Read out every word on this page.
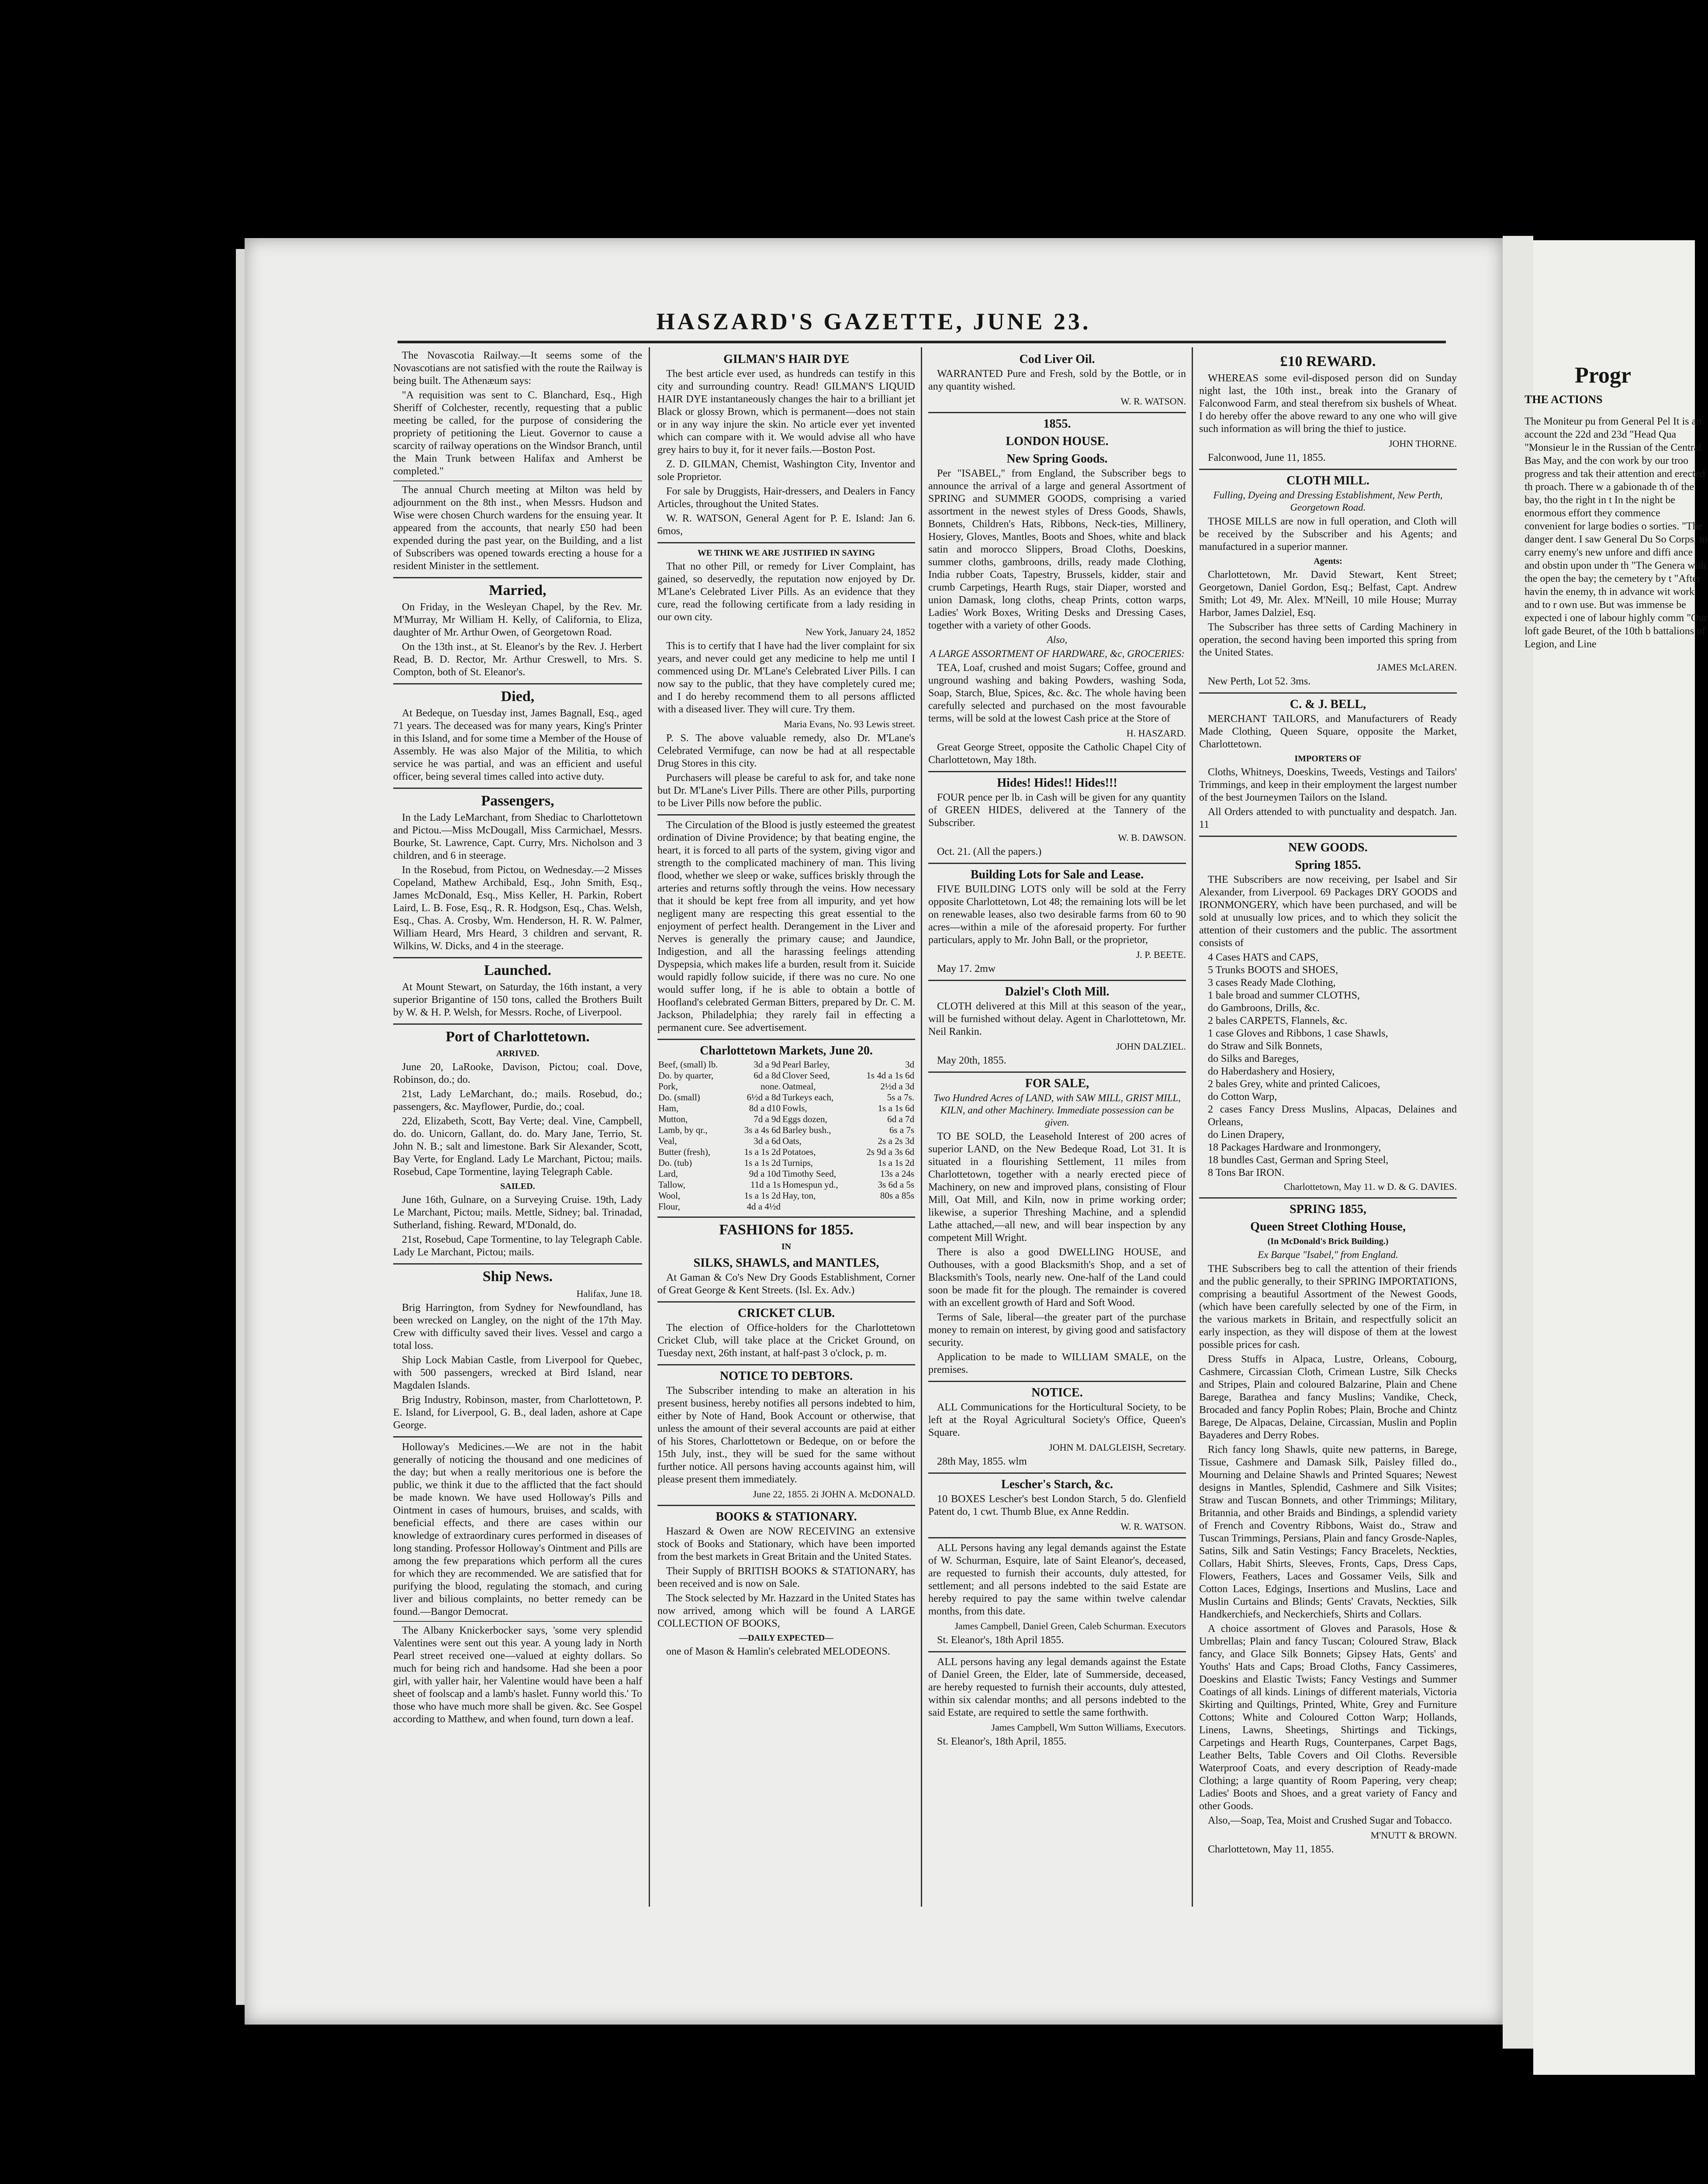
HASZARD'S GAZETTE, JUNE 23.

The Novascotia Railway.—It seems some of the Novascotians are not satisfied with the route the Railway is being built. The Athenæum says:

"A requisition was sent to C. Blanchard, Esq., High Sheriff of Colchester, recently, requesting that a public meeting be called, for the purpose of considering the propriety of petitioning the Lieut. Governor to cause a scarcity of railway operations on the Windsor Branch, until the Main Trunk between Halifax and Amherst be completed."

The annual Church meeting at Milton was held by adjournment on the 8th inst., when Messrs. Hudson and Wise were chosen Church wardens for the ensuing year. It appeared from the accounts, that nearly £50 had been expended during the past year, on the Building, and a list of Subscribers was opened towards erecting a house for a resident Minister in the settlement.

Married,

On Friday, in the Wesleyan Chapel, by the Rev. Mr. M'Murray, Mr William H. Kelly, of California, to Eliza, daughter of Mr. Arthur Owen, of Georgetown Road.

On the 13th inst., at St. Eleanor's by the Rev. J. Herbert Read, B. D. Rector, Mr. Arthur Creswell, to Mrs. S. Compton, both of St. Eleanor's.

Died,

At Bedeque, on Tuesday inst, James Bagnall, Esq., aged 71 years. The deceased was for many years, King's Printer in this Island, and for some time a Member of the House of Assembly. He was also Major of the Militia, to which service he was partial, and was an efficient and useful officer, being several times called into active duty.

Passengers,

In the Lady LeMarchant, from Shediac to Charlottetown and Pictou.—Miss McDougall, Miss Carmichael, Messrs. Bourke, St. Lawrence, Capt. Curry, Mrs. Nicholson and 3 children, and 6 in steerage.

In the Rosebud, from Pictou, on Wednesday.—2 Misses Copeland, Mathew Archibald, Esq., John Smith, Esq., James McDonald, Esq., Miss Keller, H. Parkin, Robert Laird, L. B. Fose, Esq., R. R. Hodgson, Esq., Chas. Welsh, Esq., Chas. A. Crosby, Wm. Henderson, H. R. W. Palmer, William Heard, Mrs Heard, 3 children and servant, R. Wilkins, W. Dicks, and 4 in the steerage.

Launched.

At Mount Stewart, on Saturday, the 16th instant, a very superior Brigantine of 150 tons, called the Brothers Built by W. & H. P. Welsh, for Messrs. Roche, of Liverpool.

Port of Charlottetown.
ARRIVED.

June 20, LaRooke, Davison, Pictou; coal. Dove, Robinson, do.; do.

21st, Lady LeMarchant, do.; mails. Rosebud, do.; passengers, &c. Mayflower, Purdie, do.; coal.

22d, Elizabeth, Scott, Bay Verte; deal. Vine, Campbell, do. do. Unicorn, Gallant, do. do. Mary Jane, Terrio, St. John N. B.; salt and limestone. Bark Sir Alexander, Scott, Bay Verte, for England. Lady Le Marchant, Pictou; mails. Rosebud, Cape Tormentine, laying Telegraph Cable.

SAILED.

June 16th, Gulnare, on a Surveying Cruise. 19th, Lady Le Marchant, Pictou; mails. Mettle, Sidney; bal. Trinadad, Sutherland, fishing. Reward, M'Donald, do.

21st, Rosebud, Cape Tormentine, to lay Telegraph Cable. Lady Le Marchant, Pictou; mails.

Ship News.
Halifax, June 18.

Brig Harrington, from Sydney for Newfoundland, has been wrecked on Langley, on the night of the 17th May. Crew with difficulty saved their lives. Vessel and cargo a total loss.

Ship Lock Mabian Castle, from Liverpool for Quebec, with 500 passengers, wrecked at Bird Island, near Magdalen Islands.

Brig Industry, Robinson, master, from Charlottetown, P. E. Island, for Liverpool, G. B., deal laden, ashore at Cape George.

Holloway's Medicines.—We are not in the habit generally of noticing the thousand and one medicines of the day; but when a really meritorious one is before the public, we think it due to the afflicted that the fact should be made known. We have used Holloway's Pills and Ointment in cases of humours, bruises, and scalds, with beneficial effects, and there are cases within our knowledge of extraordinary cures performed in diseases of long standing. Professor Holloway's Ointment and Pills are among the few preparations which perform all the cures for which they are recommended. We are satisfied that for purifying the blood, regulating the stomach, and curing liver and bilious complaints, no better remedy can be found.—Bangor Democrat.

The Albany Knickerbocker says, 'some very splendid Valentines were sent out this year. A young lady in North Pearl street received one—valued at eighty dollars. So much for being rich and handsome. Had she been a poor girl, with yaller hair, her Valentine would have been a half sheet of foolscap and a lamb's haslet. Funny world this.' To those who have much more shall be given. &c. See Gospel according to Matthew, and when found, turn down a leaf.

GILMAN'S HAIR DYE

The best article ever used, as hundreds can testify in this city and surrounding country. Read! GILMAN'S LIQUID HAIR DYE instantaneously changes the hair to a brilliant jet Black or glossy Brown, which is permanent—does not stain or in any way injure the skin. No article ever yet invented which can compare with it. We would advise all who have grey hairs to buy it, for it never fails.—Boston Post.

Z. D. GILMAN, Chemist, Washington City, Inventor and sole Proprietor.

For sale by Druggists, Hair-dressers, and Dealers in Fancy Articles, throughout the United States.

W. R. WATSON, General Agent for P. E. Island: Jan 6. 6mos,

WE THINK WE ARE JUSTIFIED IN SAYING

That no other Pill, or remedy for Liver Complaint, has gained, so deservedly, the reputation now enjoyed by Dr. M'Lane's Celebrated Liver Pills. As an evidence that they cure, read the following certificate from a lady residing in our own city.

New York, January 24, 1852

This is to certify that I have had the liver complaint for six years, and never could get any medicine to help me until I commenced using Dr. M'Lane's Celebrated Liver Pills. I can now say to the public, that they have completely cured me; and I do hereby recommend them to all persons afflicted with a diseased liver. They will cure. Try them.

Maria Evans, No. 93 Lewis street.

P. S. The above valuable remedy, also Dr. M'Lane's Celebrated Vermifuge, can now be had at all respectable Drug Stores in this city.

Purchasers will please be careful to ask for, and take none but Dr. M'Lane's Liver Pills. There are other Pills, purporting to be Liver Pills now before the public.

The Circulation of the Blood is justly esteemed the greatest ordination of Divine Providence; by that beating engine, the heart, it is forced to all parts of the system, giving vigor and strength to the complicated machinery of man. This living flood, whether we sleep or wake, suffices briskly through the arteries and returns softly through the veins. How necessary that it should be kept free from all impurity, and yet how negligent many are respecting this great essential to the enjoyment of perfect health. Derangement in the Liver and Nerves is generally the primary cause; and Jaundice, Indigestion, and all the harassing feelings attending Dyspepsia, which makes life a burden, result from it. Suicide would rapidly follow suicide, if there was no cure. No one would suffer long, if he is able to obtain a bottle of Hoofland's celebrated German Bitters, prepared by Dr. C. M. Jackson, Philadelphia; they rarely fail in effecting a permanent cure. See advertisement.

Charlottetown Markets, June 20.
Beef, (small) lb.	3d a 9d	Pearl Barley,	3d
Do. by quarter,	6d a 8d	Clover Seed,	1s 4d a 1s 6d
Pork,	none.	Oatmeal,	2½d a 3d
Do. (small)	6½d a 8d	Turkeys each,	5s a 7s.
Ham,	8d a d10	Fowls,	1s a 1s 6d
Mutton,	7d a 9d	Eggs dozen,	6d a 7d
Lamb, by qr.,	3s a 4s 6d	Barley bush.,	6s a 7s
Veal,	3d a 6d	Oats,	2s a 2s 3d
Butter (fresh),	1s a 1s 2d	Potatoes,	2s 9d a 3s 6d
Do. (tub)	1s a 1s 2d	Turnips,	1s a 1s 2d
Lard,	9d a 10d	Timothy Seed,	13s a 24s
Tallow,	11d a 1s	Homespun yd.,	3s 6d a 5s
Wool,	1s a 1s 2d	Hay, ton,	80s a 85s
Flour,	4d a 4½d		
FASHIONS for 1855.
IN
SILKS, SHAWLS, and MANTLES,

At Gaman & Co's New Dry Goods Establishment, Corner of Great George & Kent Streets. (Isl. Ex. Adv.)

CRICKET CLUB.

The election of Office-holders for the Charlottetown Cricket Club, will take place at the Cricket Ground, on Tuesday next, 26th instant, at half-past 3 o'clock, p. m.

NOTICE TO DEBTORS.

The Subscriber intending to make an alteration in his present business, hereby notifies all persons indebted to him, either by Note of Hand, Book Account or otherwise, that unless the amount of their several accounts are paid at either of his Stores, Charlottetown or Bedeque, on or before the 15th July, inst., they will be sued for the same without further notice. All persons having accounts against him, will please present them immediately.

June 22, 1855. 2i JOHN A. McDONALD.
BOOKS & STATIONARY.

Haszard & Owen are NOW RECEIVING an extensive stock of Books and Stationary, which have been imported from the best markets in Great Britain and the United States.

Their Supply of BRITISH BOOKS & STATIONARY, has been received and is now on Sale.

The Stock selected by Mr. Hazzard in the United States has now arrived, among which will be found A LARGE COLLECTION OF BOOKS,

—DAILY EXPECTED—

one of Mason & Hamlin's celebrated MELODEONS.

Cod Liver Oil.

WARRANTED Pure and Fresh, sold by the Bottle, or in any quantity wished.

W. R. WATSON.
1855.
LONDON HOUSE.
New Spring Goods.

Per "ISABEL," from England, the Subscriber begs to announce the arrival of a large and general Assortment of SPRING and SUMMER GOODS, comprising a varied assortment in the newest styles of Dress Goods, Shawls, Bonnets, Children's Hats, Ribbons, Neck-ties, Millinery, Hosiery, Gloves, Mantles, Boots and Shoes, white and black satin and morocco Slippers, Broad Cloths, Doeskins, summer cloths, gambroons, drills, ready made Clothing, India rubber Coats, Tapestry, Brussels, kidder, stair and crumb Carpetings, Hearth Rugs, stair Diaper, worsted and union Damask, long cloths, cheap Prints, cotton warps, Ladies' Work Boxes, Writing Desks and Dressing Cases, together with a variety of other Goods.

Also,
A LARGE ASSORTMENT OF HARDWARE, &c, GROCERIES:

TEA, Loaf, crushed and moist Sugars; Coffee, ground and unground washing and baking Powders, washing Soda, Soap, Starch, Blue, Spices, &c. &c. The whole having been carefully selected and purchased on the most favourable terms, will be sold at the lowest Cash price at the Store of

H. HASZARD.

Great George Street, opposite the Catholic Chapel City of Charlottetown, May 18th.

Hides! Hides!! Hides!!!

FOUR pence per lb. in Cash will be given for any quantity of GREEN HIDES, delivered at the Tannery of the Subscriber.

W. B. DAWSON.

Oct. 21. (All the papers.)

Building Lots for Sale and Lease.

FIVE BUILDING LOTS only will be sold at the Ferry opposite Charlottetown, Lot 48; the remaining lots will be let on renewable leases, also two desirable farms from 60 to 90 acres—within a mile of the aforesaid property. For further particulars, apply to Mr. John Ball, or the proprietor,

J. P. BEETE.

May 17. 2mw

Dalziel's Cloth Mill.

CLOTH delivered at this Mill at this season of the year,, will be furnished without delay. Agent in Charlottetown, Mr. Neil Rankin.

JOHN DALZIEL.

May 20th, 1855.

FOR SALE,
Two Hundred Acres of LAND, with SAW MILL, GRIST MILL, KILN, and other Machinery. Immediate possession can be given.

TO BE SOLD, the Leasehold Interest of 200 acres of superior LAND, on the New Bedeque Road, Lot 31. It is situated in a flourishing Settlement, 11 miles from Charlottetown, together with a nearly erected piece of Machinery, on new and improved plans, consisting of Flour Mill, Oat Mill, and Kiln, now in prime working order; likewise, a superior Threshing Machine, and a splendid Lathe attached,—all new, and will bear inspection by any competent Mill Wright.

There is also a good DWELLING HOUSE, and Outhouses, with a good Blacksmith's Shop, and a set of Blacksmith's Tools, nearly new. One-half of the Land could soon be made fit for the plough. The remainder is covered with an excellent growth of Hard and Soft Wood.

Terms of Sale, liberal—the greater part of the purchase money to remain on interest, by giving good and satisfactory security.

Application to be made to WILLIAM SMALE, on the premises.

NOTICE.

ALL Communications for the Horticultural Society, to be left at the Royal Agricultural Society's Office, Queen's Square.

JOHN M. DALGLEISH, Secretary.

28th May, 1855. wlm

Lescher's Starch, &c.

10 BOXES Lescher's best London Starch, 5 do. Glenfield Patent do, 1 cwt. Thumb Blue, ex Anne Reddin.

W. R. WATSON.

ALL Persons having any legal demands against the Estate of W. Schurman, Esquire, late of Saint Eleanor's, deceased, are requested to furnish their accounts, duly attested, for settlement; and all persons indebted to the said Estate are hereby required to pay the same within twelve calendar months, from this date.

James Campbell, Daniel Green, Caleb Schurman. Executors

St. Eleanor's, 18th April 1855.

ALL persons having any legal demands against the Estate of Daniel Green, the Elder, late of Summerside, deceased, are hereby requested to furnish their accounts, duly attested, within six calendar months; and all persons indebted to the said Estate, are required to settle the same forthwith.

James Campbell, Wm Sutton Williams, Executors.

St. Eleanor's, 18th April, 1855.

£10 REWARD.

WHEREAS some evil-disposed person did on Sunday night last, the 10th inst., break into the Granary of Falconwood Farm, and steal therefrom six bushels of Wheat. I do hereby offer the above reward to any one who will give such information as will bring the thief to justice.

JOHN THORNE.

Falconwood, June 11, 1855.

CLOTH MILL.
Fulling, Dyeing and Dressing Establishment, New Perth, Georgetown Road.

THOSE MILLS are now in full operation, and Cloth will be received by the Subscriber and his Agents; and manufactured in a superior manner.

Agents:

Charlottetown, Mr. David Stewart, Kent Street; Georgetown, Daniel Gordon, Esq.; Belfast, Capt. Andrew Smith; Lot 49, Mr. Alex. M'Neill, 10 mile House; Murray Harbor, James Dalziel, Esq.

The Subscriber has three setts of Carding Machinery in operation, the second having been imported this spring from the United States.

JAMES McLAREN.

New Perth, Lot 52. 3ms.

C. & J. BELL,

MERCHANT TAILORS, and Manufacturers of Ready Made Clothing, Queen Square, opposite the Market, Charlottetown.

IMPORTERS OF

Cloths, Whitneys, Doeskins, Tweeds, Vestings and Tailors' Trimmings, and keep in their employment the largest number of the best Journeymen Tailors on the Island.

All Orders attended to with punctuality and despatch. Jan. 11

NEW GOODS.
Spring 1855.

THE Subscribers are now receiving, per Isabel and Sir Alexander, from Liverpool. 69 Packages DRY GOODS and IRONMONGERY, which have been purchased, and will be sold at unusually low prices, and to which they solicit the attention of their customers and the public. The assortment consists of

4 Cases HATS and CAPS,
5 Trunks BOOTS and SHOES,
3 cases Ready Made Clothing,
1 bale broad and summer CLOTHS,
do Gambroons, Drills, &c.
2 bales CARPETS, Flannels, &c.
1 case Gloves and Ribbons, 1 case Shawls,
do Straw and Silk Bonnets,
do Silks and Bareges,
do Haberdashery and Hosiery,
2 bales Grey, white and printed Calicoes,
do Cotton Warp,
2 cases Fancy Dress Muslins, Alpacas, Delaines and Orleans,
do Linen Drapery,
18 Packages Hardware and Ironmongery,
18 bundles Cast, German and Spring Steel,
8 Tons Bar IRON.
Charlottetown, May 11. w D. & G. DAVIES.
SPRING 1855,
Queen Street Clothing House,
(In McDonald's Brick Building.)
Ex Barque "Isabel," from England.

THE Subscribers beg to call the attention of their friends and the public generally, to their SPRING IMPORTATIONS, comprising a beautiful Assortment of the Newest Goods, (which have been carefully selected by one of the Firm, in the various markets in Britain, and respectfully solicit an early inspection, as they will dispose of them at the lowest possible prices for cash.

Dress Stuffs in Alpaca, Lustre, Orleans, Cobourg, Cashmere, Circassian Cloth, Crimean Lustre, Silk Checks and Stripes, Plain and coloured Balzarine, Plain and Chene Barege, Barathea and fancy Muslins; Vandike, Check, Brocaded and fancy Poplin Robes; Plain, Broche and Chintz Barege, De Alpacas, Delaine, Circassian, Muslin and Poplin Bayaderes and Derry Robes.

Rich fancy long Shawls, quite new patterns, in Barege, Tissue, Cashmere and Damask Silk, Paisley filled do., Mourning and Delaine Shawls and Printed Squares; Newest designs in Mantles, Splendid, Cashmere and Silk Visites; Straw and Tuscan Bonnets, and other Trimmings; Military, Britannia, and other Braids and Bindings, a splendid variety of French and Coventry Ribbons, Waist do., Straw and Tuscan Trimmings, Persians, Plain and fancy Grosde-Naples, Satins, Silk and Satin Vestings; Fancy Bracelets, Neckties, Collars, Habit Shirts, Sleeves, Fronts, Caps, Dress Caps, Flowers, Feathers, Laces and Gossamer Veils, Silk and Cotton Laces, Edgings, Insertions and Muslins, Lace and Muslin Curtains and Blinds; Gents' Cravats, Neckties, Silk Handkerchiefs, and Neckerchiefs, Shirts and Collars.

A choice assortment of Gloves and Parasols, Hose & Umbrellas; Plain and fancy Tuscan; Coloured Straw, Black fancy, and Glace Silk Bonnets; Gipsey Hats, Gents' and Youths' Hats and Caps; Broad Cloths, Fancy Cassimeres, Doeskins and Elastic Twists; Fancy Vestings and Summer Coatings of all kinds. Linings of different materials, Victoria Skirting and Quiltings, Printed, White, Grey and Furniture Cottons; White and Coloured Cotton Warp; Hollands, Linens, Lawns, Sheetings, Shirtings and Tickings, Carpetings and Hearth Rugs, Counterpanes, Carpet Bags, Leather Belts, Table Covers and Oil Cloths. Reversible Waterproof Coats, and every description of Ready-made Clothing; a large quantity of Room Papering, very cheap; Ladies' Boots and Shoes, and a great variety of Fancy and other Goods.

Also,—Soap, Tea, Moist and Crushed Sugar and Tobacco.

M'NUTT & BROWN.

Charlottetown, May 11, 1855.

Progr
THE ACTIONS
The Moniteur pu from General Pel It is an account the 22d and 23d "Head Qua "Monsieur le in the Russian of the Central Bas May, and the con work by our troo progress and tak their attention and erected th proach. There w a gabionade th of the bay, tho the right in t In the night be enormous effort they commence convenient for large bodies o sorties. "The danger dent. I saw General Du So Corps, to carry enemy's new unfore and diffi ance and obstin upon under th "The Genera with the open the bay; the cemetery by t "After havin the enemy, th in advance wit work and to r own use. But was immense be expected i one of labour highly comm "Our loft gade Beuret, of the 10th b battalions of Legion, and Line
